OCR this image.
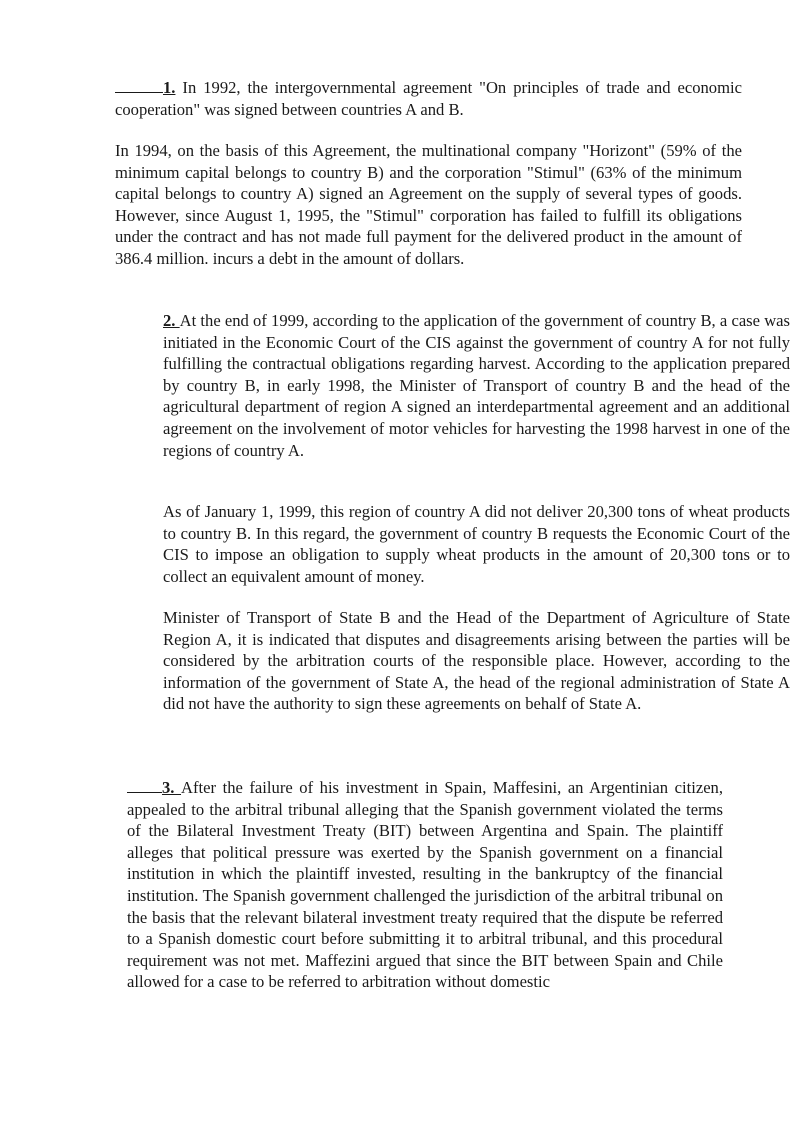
1. In 1992, the intergovernmental agreement "On principles of trade and economic cooperation" was signed between countries A and B.

In 1994, on the basis of this Agreement, the multinational company "Horizont" (59% of the minimum capital belongs to country B) and the corporation "Stimul" (63% of the minimum capital belongs to country A) signed an Agreement on the supply of several types of goods. However, since August 1, 1995, the "Stimul" corporation has failed to fulfill its obligations under the contract and has not made full payment for the delivered product in the amount of 386.4 million. incurs a debt in the amount of dollars.

2. At the end of 1999, according to the application of the government of country B, a case was initiated in the Economic Court of the CIS against the government of country A for not fully fulfilling the contractual obligations regarding harvest. According to the application prepared by country B, in early 1998, the Minister of Transport of country B and the head of the agricultural department of region A signed an interdepartmental agreement and an additional agreement on the involvement of motor vehicles for harvesting the 1998 harvest in one of the regions of country A.

As of January 1, 1999, this region of country A did not deliver 20,300 tons of wheat products to country B. In this regard, the government of country B requests the Economic Court of the CIS to impose an obligation to supply wheat products in the amount of 20,300 tons or to collect an equivalent amount of money.

Minister of Transport of State B and the Head of the Department of Agriculture of State Region A, it is indicated that disputes and disagreements arising between the parties will be considered by the arbitration courts of the responsible place. However, according to the information of the government of State A, the head of the regional administration of State A did not have the authority to sign these agreements on behalf of State A.

3. After the failure of his investment in Spain, Maffesini, an Argentinian citizen, appealed to the arbitral tribunal alleging that the Spanish government violated the terms of the Bilateral Investment Treaty (BIT) between Argentina and Spain. The plaintiff alleges that political pressure was exerted by the Spanish government on a financial institution in which the plaintiff invested, resulting in the bankruptcy of the financial institution. The Spanish government challenged the jurisdiction of the arbitral tribunal on the basis that the relevant bilateral investment treaty required that the dispute be referred to a Spanish domestic court before submitting it to arbitral tribunal, and this procedural requirement was not met. Maffezini argued that since the BIT between Spain and Chile allowed for a case to be referred to arbitration without domestic
